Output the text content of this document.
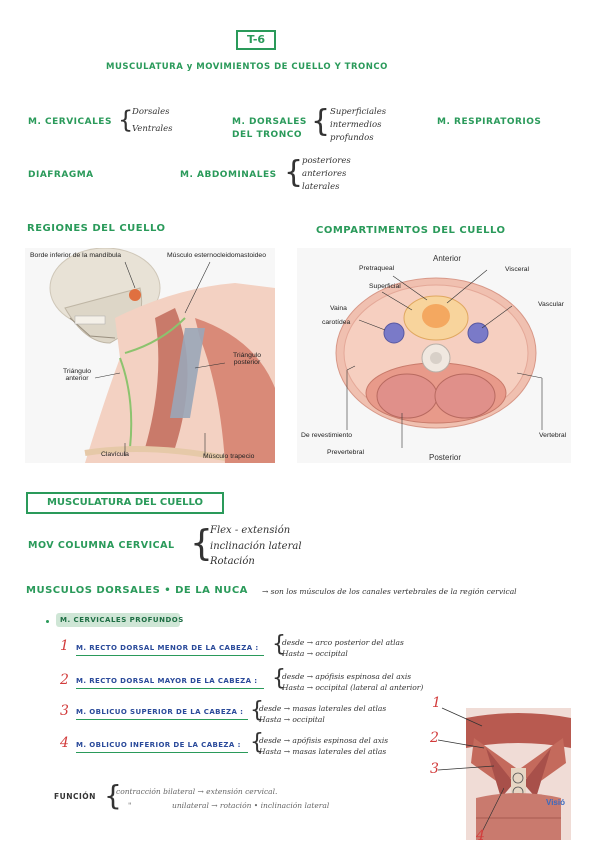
T-6
MUSCULATURA y MOVIMIENTOS DE CUELLO Y TRONCO
M. CERVICALES {
Dorsales
Ventrales
M. DORSALES
DEL TRONCO { Superficiales
intermedios
profundos
M. RESPIRATORIOS
DIAFRAGMA	M. ABDOMINALES {
posteriores
anteriores
laterales
REGIONES DEL CUELLO	COMPARTIMENTOS DEL CUELLO
Borde inferior de la mandíbula	Músculo esternocleidomastoideo
Triángulo posterior
Triángulo anterior
Clavícula	Músculo trapecio
Anterior
Pretraqueal	Visceral
Superficial
Vaina
carotídea
Vascular
De revestimiento
Prevertebral
Posterior
Vertebral
MUSCULATURA DEL CUELLO
MOV COLUMNA CERVICAL {
Flex - extensión
inclinación lateral
Rotación
MUSCULOS DORSALES • DE LA NUCA → son los músculos de los canales vertebrales de la región cervical
M. CERVICALES PROFUNDOS
1 M. RECTO DORSAL MENOR DE LA CABEZA : {
desde → arco posterior del atlas
Hasta → occipital
2 M. RECTO DORSAL MAYOR DE LA CABEZA : {
desde → apófisis espinosa del axis
Hasta → occipital (lateral al anterior)
3 M. OBLICUO SUPERIOR DE LA CABEZA : {
desde → masas laterales del atlas
Hasta → occipital
4 M. OBLICUO INFERIOR DE LA CABEZA : {
desde → apófisis espinosa del axis
Hasta → masas laterales del atlas
FUNCIÓN {
contracción bilateral → extensión cervical.
"	unilateral → rotación • inclinación lateral	Visió
1
2
3
4
